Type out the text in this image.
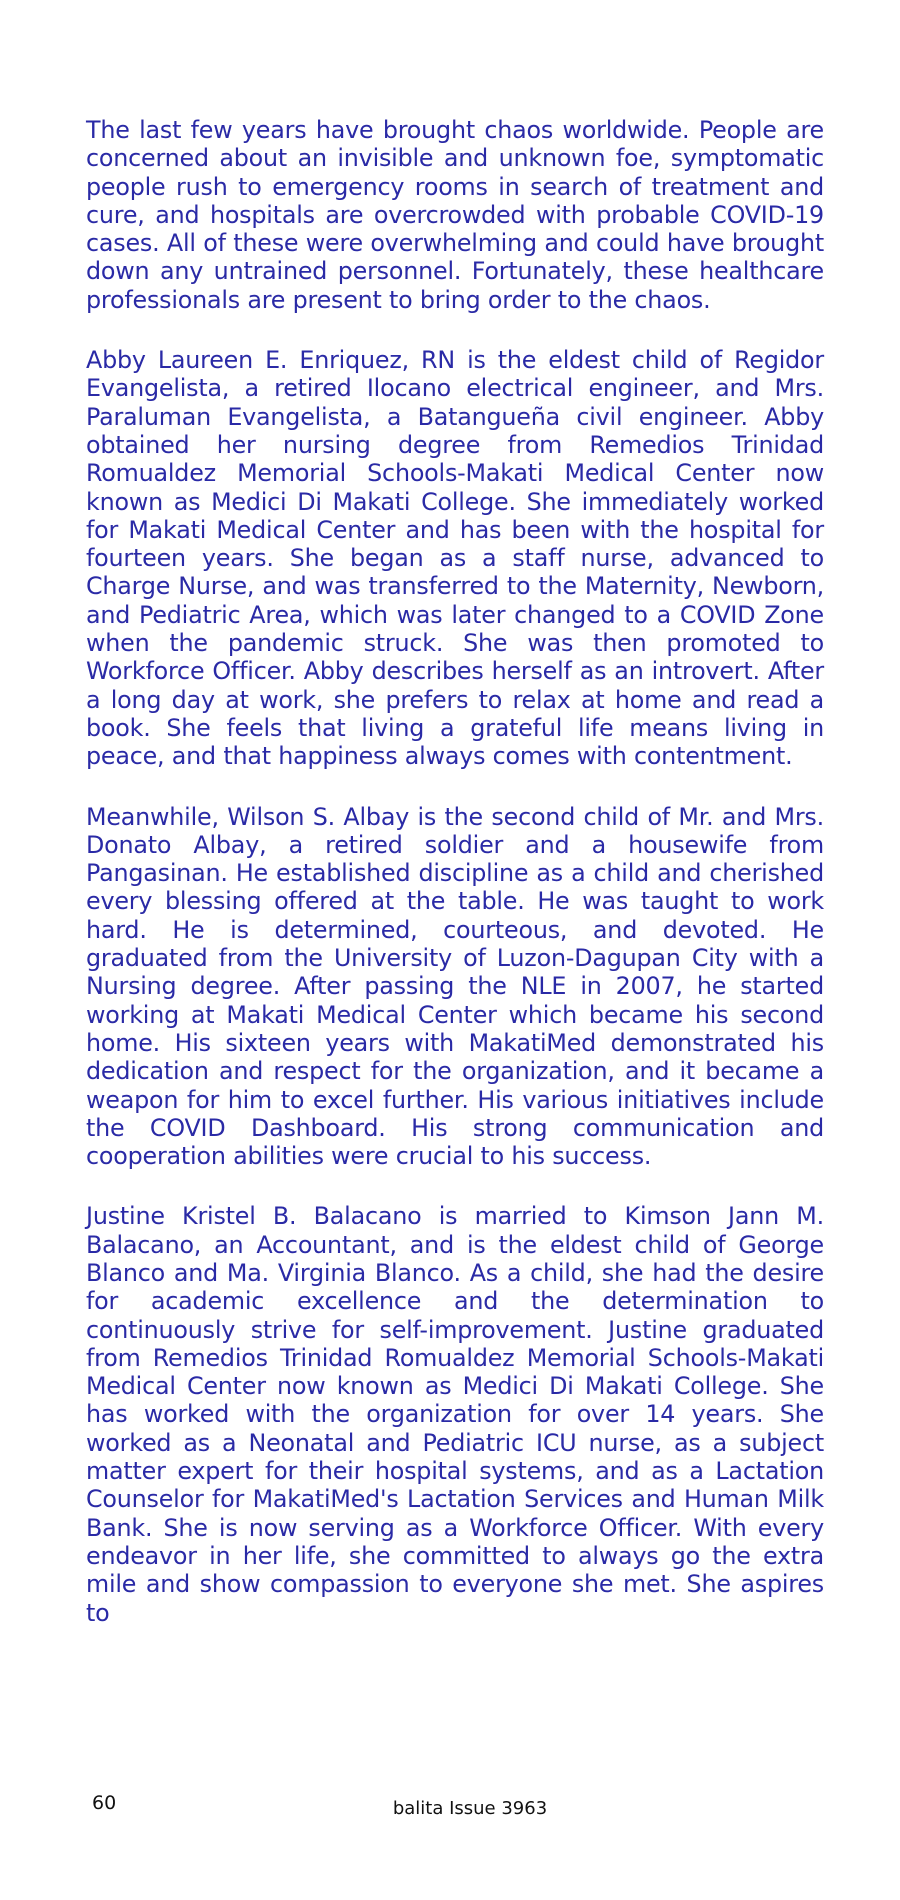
The last few years have brought chaos worldwide. People are concerned about an invisible and unknown foe, symptomatic people rush to emergency rooms in search of treatment and cure, and hospitals are overcrowded with probable COVID-19 cases. All of these were overwhelming and could have brought down any untrained personnel. Fortunately, these healthcare professionals are present to bring order to the chaos.

Abby Laureen E. Enriquez, RN is the eldest child of Regidor Evangelista, a retired Ilocano electrical engineer, and Mrs. Paraluman Evangelista, a Batangueña civil engineer. Abby obtained her nursing degree from Remedios Trinidad Romualdez Memorial Schools-Makati Medical Center now known as Medici Di Makati College. She immediately worked for Makati Medical Center and has been with the hospital for fourteen years. She began as a staff nurse, advanced to Charge Nurse, and was transferred to the Maternity, Newborn, and Pediatric Area, which was later changed to a COVID Zone when the pandemic struck. She was then promoted to Workforce Officer. Abby describes herself as an introvert. After a long day at work, she prefers to relax at home and read a book. She feels that living a grateful life means living in peace, and that happiness always comes with contentment.

Meanwhile, Wilson S. Albay is the second child of Mr. and Mrs. Donato Albay, a retired soldier and a housewife from Pangasinan. He established discipline as a child and cherished every blessing offered at the table. He was taught to work hard. He is determined, courteous, and devoted. He graduated from the University of Luzon-Dagupan City with a Nursing degree. After passing the NLE in 2007, he started working at Makati Medical Center which became his second home. His sixteen years with MakatiMed demonstrated his dedication and respect for the organization, and it became a weapon for him to excel further. His various initiatives include the COVID Dashboard. His strong communication and cooperation abilities were crucial to his success.

Justine Kristel B. Balacano is married to Kimson Jann M. Balacano, an Accountant, and is the eldest child of George Blanco and Ma. Virginia Blanco. As a child, she had the desire for academic excellence and the determination to continuously strive for self-improvement. Justine graduated from Remedios Trinidad Romualdez Memorial Schools-Makati Medical Center now known as Medici Di Makati College. She has worked with the organization for over 14 years. She worked as a Neonatal and Pediatric ICU nurse, as a subject matter expert for their hospital systems, and as a Lactation Counselor for MakatiMed's Lactation Services and Human Milk Bank. She is now serving as a Workforce Officer. With every endeavor in her life, she committed to always go the extra mile and show compassion to everyone she met. She aspires to

60	balita Issue 3963
